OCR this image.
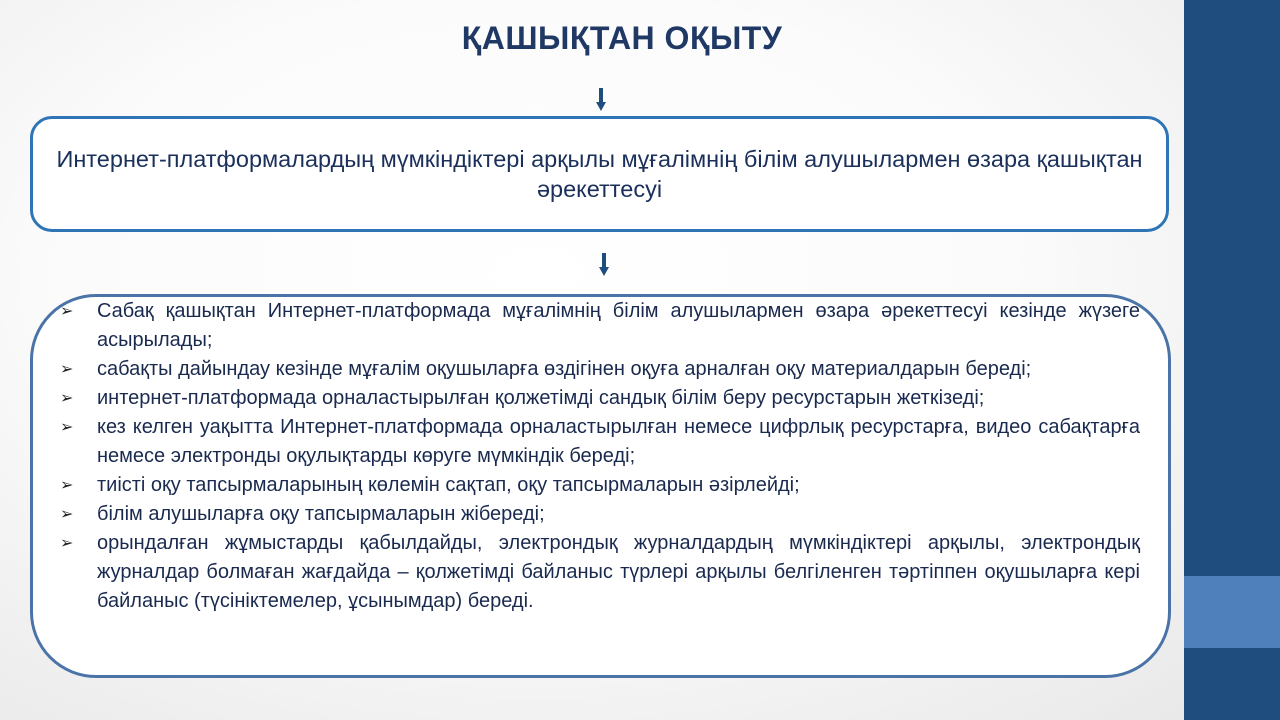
ҚАШЫҚТАН ОҚЫТУ
Интернет-платформалардың мүмкіндіктері арқылы мұғалімнің білім алушылармен өзара қашықтан әрекеттесуі
➢ Сабақ қашықтан Интернет-платформада мұғалімнің білім алушылармен өзара әрекеттесуі кезінде жүзеге асырылады;
➢ сабақты дайындау кезінде мұғалім оқушыларға өздігінен оқуға арналған оқу материалдарын береді;
➢ интернет-платформада орналастырылған қолжетімді сандық білім беру ресурстарын жеткізеді;
➢ кез келген уақытта Интернет-платформада орналастырылған немесе цифрлық ресурстарға, видео сабақтарға немесе электронды оқулықтарды көруге мүмкіндік береді;
➢ тиісті оқу тапсырмаларының көлемін сақтап, оқу тапсырмаларын әзірлейді;
➢ білім алушыларға оқу тапсырмаларын жібереді;
➢ орындалған жұмыстарды қабылдайды, электрондық журналдардың мүмкіндіктері арқылы, электрондық журналдар болмаған жағдайда – қолжетімді байланыс түрлері арқылы белгіленген тәртіппен оқушыларға кері байланыс (түсініктемелер, ұсынымдар) береді.
